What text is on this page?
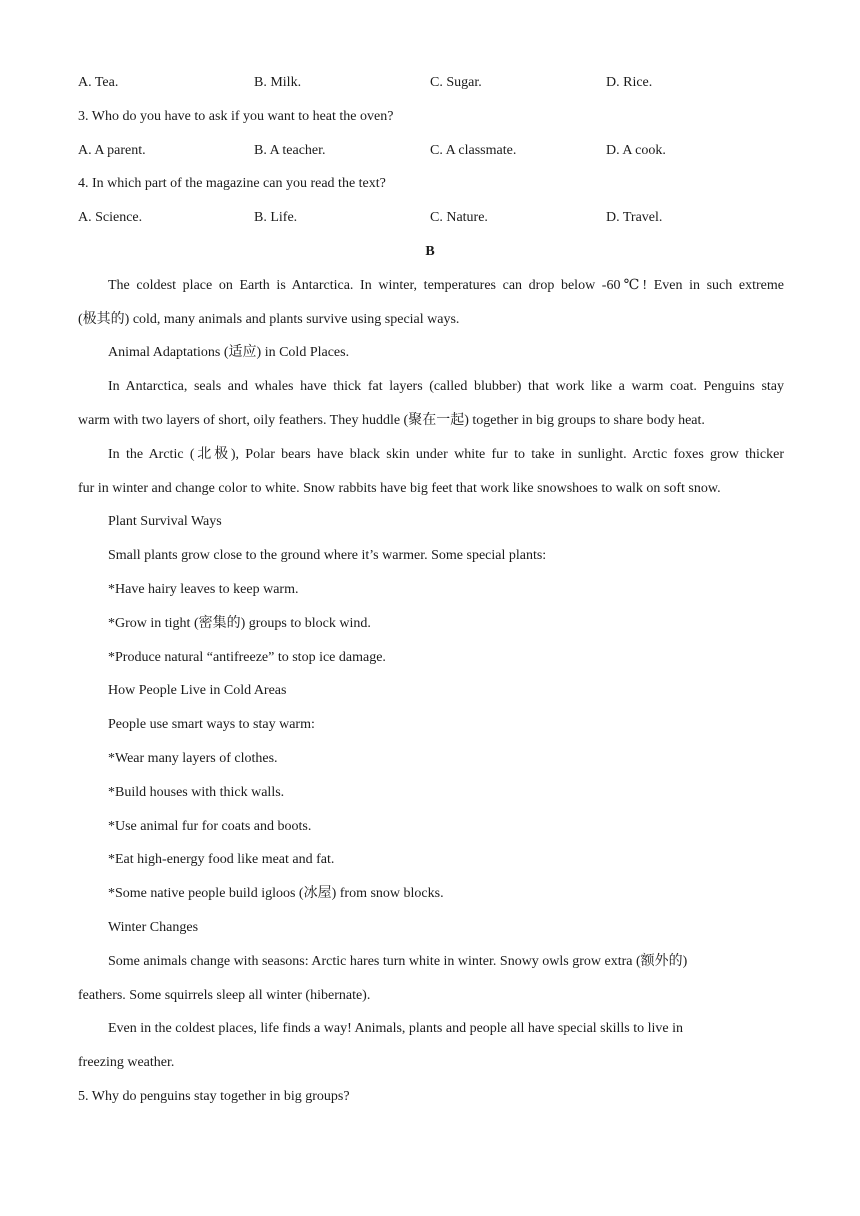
A. Tea.	B. Milk.	C. Sugar.	D. Rice.
3. Who do you have to ask if you want to heat the oven?
A. A parent.	B. A teacher.	C. A classmate.	D. A cook.
4. In which part of the magazine can you read the text?
A. Science.	B. Life.	C. Nature.	D. Travel.
B
The coldest place on Earth is Antarctica. In winter, temperatures can drop below -60℃! Even in such extreme
(极其的) cold, many animals and plants survive using special ways.
Animal Adaptations (适应) in Cold Places.
In Antarctica, seals and whales have thick fat layers (called blubber) that work like a warm coat. Penguins stay
warm with two layers of short, oily feathers. They huddle (聚在一起) together in big groups to share body heat.
In the Arctic (北极), Polar bears have black skin under white fur to take in sunlight. Arctic foxes grow thicker
fur in winter and change color to white. Snow rabbits have big feet that work like snowshoes to walk on soft snow.
Plant Survival Ways
Small plants grow close to the ground where it’s warmer. Some special plants:
*Have hairy leaves to keep warm.
*Grow in tight (密集的) groups to block wind.
*Produce natural “antifreeze” to stop ice damage.
How People Live in Cold Areas
People use smart ways to stay warm:
*Wear many layers of clothes.
*Build houses with thick walls.
*Use animal fur for coats and boots.
*Eat high-energy food like meat and fat.
*Some native people build igloos (冰屋) from snow blocks.
Winter Changes
Some animals change with seasons: Arctic hares turn white in winter. Snowy owls grow extra (额外的)
feathers. Some squirrels sleep all winter (hibernate).
Even in the coldest places, life finds a way! Animals, plants and people all have special skills to live in
freezing weather.
5. Why do penguins stay together in big groups?
